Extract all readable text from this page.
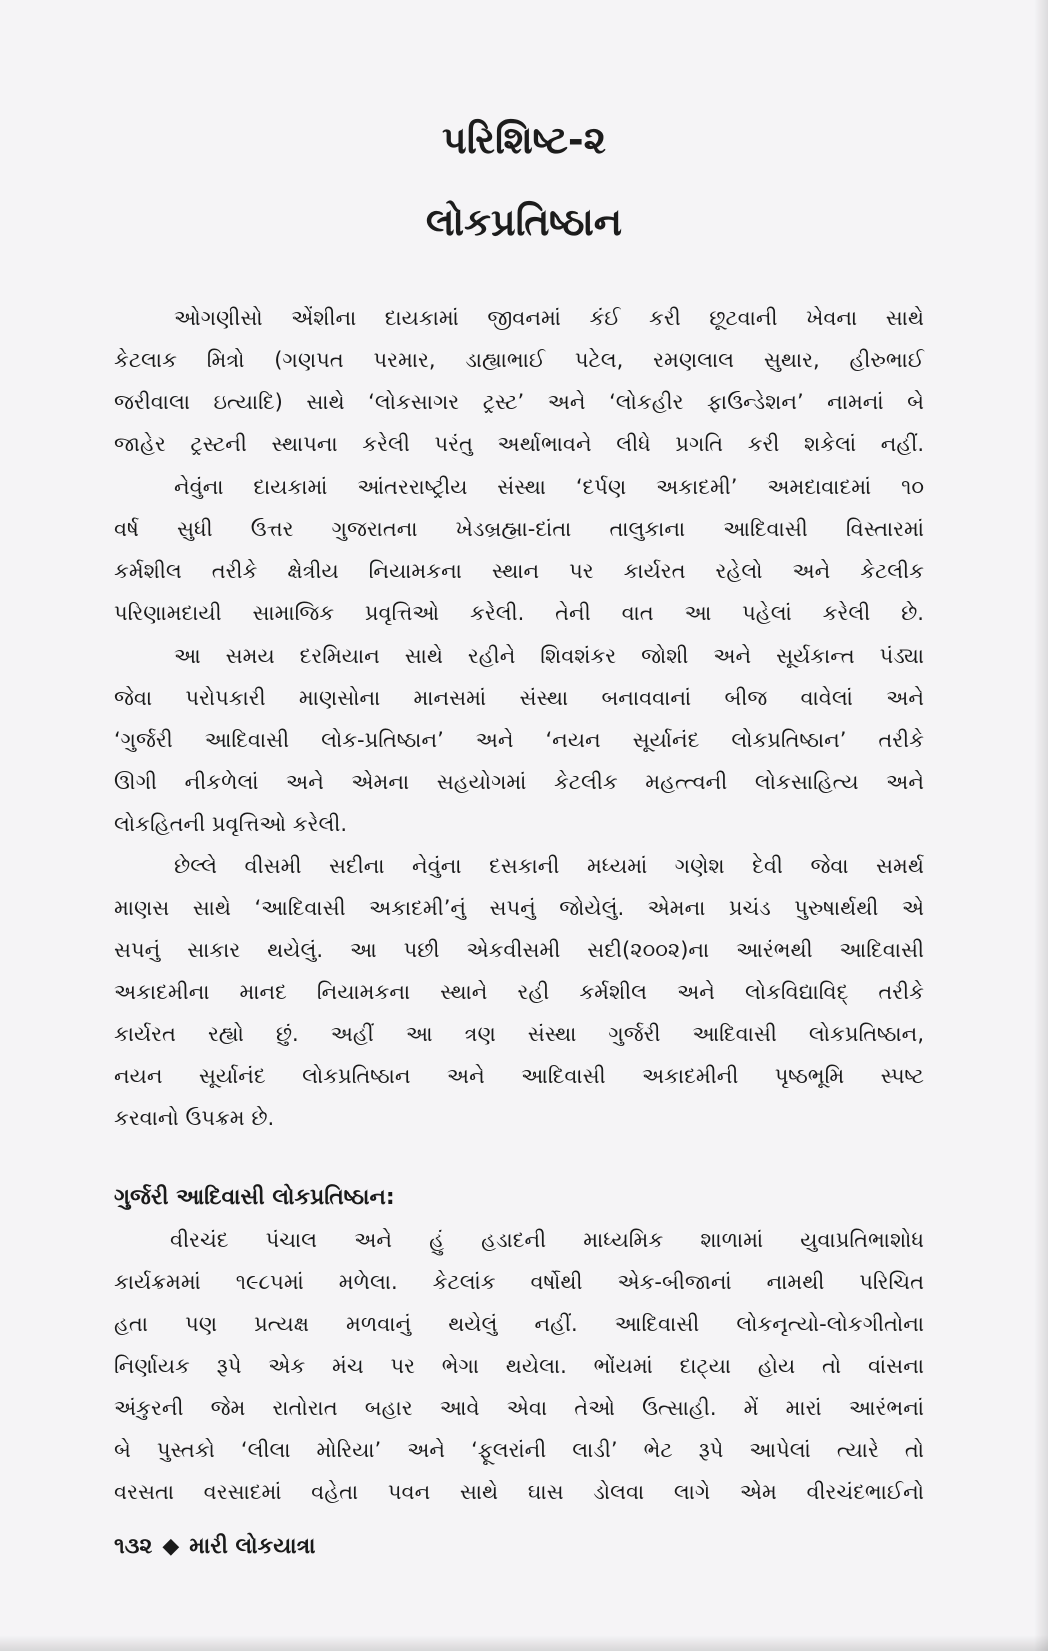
પરિશિષ્ટ-૨
લોકપ્રતિષ્ઠાન
ઓગણીસો એંશીના દાયકામાં જીવનમાં કંઈ કરી છૂટવાની ખેવના સાથે
કેટલાક મિત્રો (ગણપત પરમાર, ડાહ્યાભાઈ પટેલ, રમણલાલ સુથાર, હીરુભાઈ
જરીવાલા ઇત્યાદિ) સાથે ‘લોકસાગર ટ્રસ્ટ’ અને ‘લોકહીર ફાઉન્ડેશન’ નામનાં બે
જાહેર ટ્રસ્ટની સ્થાપના કરેલી પરંતુ અર્થાભાવને લીધે પ્રગતિ કરી શકેલાં નહીં.
નેવુંના દાયકામાં આંતરરાષ્ટ્રીય સંસ્થા ‘દર્પણ અકાદમી’ અમદાવાદમાં ૧૦
વર્ષ સુધી ઉત્તર ગુજરાતના ખેડબ્રહ્મા-દાંતા તાલુકાના આદિવાસી વિસ્તારમાં
કર્મશીલ તરીકે ક્ષેત્રીય નિયામકના સ્થાન પર કાર્યરત રહેલો અને કેટલીક
પરિણામદાયી સામાજિક પ્રવૃત્તિઓ કરેલી. તેની વાત આ પહેલાં કરેલી છે.
આ સમય દરમિયાન સાથે રહીને શિવશંકર જોશી અને સૂર્યકાન્ત પંડ્યા
જેવા પરોપકારી માણસોના માનસમાં સંસ્થા બનાવવાનાં બીજ વાવેલાં અને
‘ગુર્જરી આદિવાસી લોક-પ્રતિષ્ઠાન’ અને ‘નયન સૂર્યાનંદ લોકપ્રતિષ્ઠાન’ તરીકે
ઊગી નીકળેલાં અને એમના સહયોગમાં કેટલીક મહત્ત્વની લોકસાહિત્ય અને
લોકહિતની પ્રવૃત્તિઓ કરેલી.
છેલ્લે વીસમી સદીના નેવુંના દસકાની મધ્યમાં ગણેશ દેવી જેવા સમર્થ
માણસ સાથે ‘આદિવાસી અકાદમી’નું સપનું જોયેલું. એમના પ્રચંડ પુરુષાર્થથી એ
સપનું સાકાર થયેલું. આ પછી એકવીસમી સદી(૨૦૦૨)ના આરંભથી આદિવાસી
અકાદમીના માનદ નિયામકના સ્થાને રહી કર્મશીલ અને લોકવિદ્યાવિદ્ તરીકે
કાર્યરત રહ્યો છું. અહીં આ ત્રણ સંસ્થા ગુર્જરી આદિવાસી લોકપ્રતિષ્ઠાન,
નયન સૂર્યાનંદ લોકપ્રતિષ્ઠાન અને આદિવાસી અકાદમીની પૃષ્ઠભૂમિ સ્પષ્ટ
કરવાનો ઉપક્રમ છે.
ગુર્જરી આદિવાસી લોકપ્રતિષ્ઠાન:
વીરચંદ પંચાલ અને હું હડાદની માધ્યમિક શાળામાં યુવાપ્રતિભાશોધ
કાર્યક્રમમાં ૧૯૮૫માં મળેલા. કેટલાંક વર્ષોથી એક-બીજાનાં નામથી પરિચિત
હતા પણ પ્રત્યક્ષ મળવાનું થયેલું નહીં. આદિવાસી લોકનૃત્યો-લોકગીતોના
નિર્ણાયક રૂપે એક મંચ પર ભેગા થયેલા. ભોંયમાં દાટ્યા હોય તો વાંસના
અંકુરની જેમ રાતોરાત બહાર આવે એવા તેઓ ઉત્સાહી. મેં મારાં આરંભનાં
બે પુસ્તકો ‘લીલા મોરિયા’ અને ‘ફૂલરાંની લાડી’ ભેટ રૂપે આપેલાં ત્યારે તો
વરસતા વરસાદમાં વહેતા પવન સાથે ઘાસ ડોલવા લાગે એમ વીરચંદભાઈનો
૧૩૨ ◆ મારી લોકયાત્રા
